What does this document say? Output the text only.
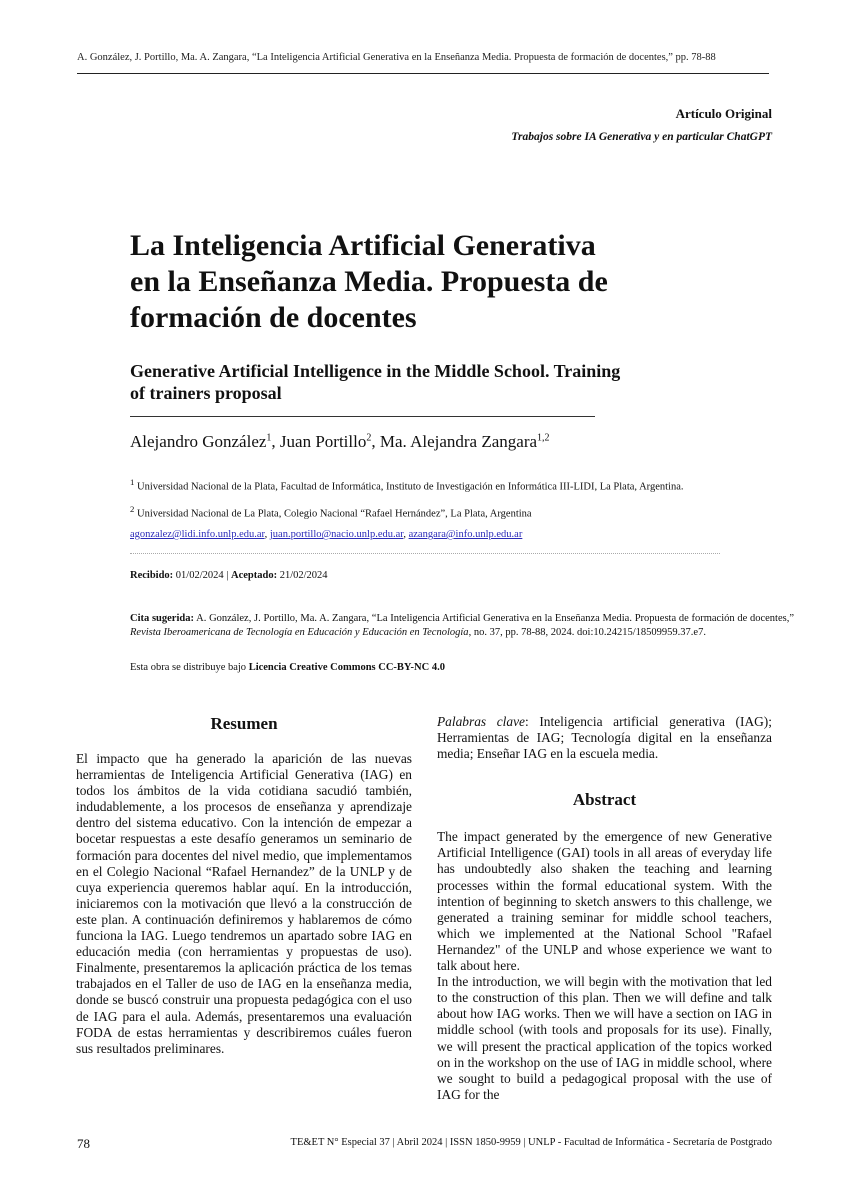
A. González, J. Portillo, Ma. A. Zangara, “La Inteligencia Artificial Generativa en la Enseñanza Media. Propuesta de formación de docentes,” pp. 78-88
Artículo Original
Trabajos sobre IA Generativa y en particular ChatGPT
La Inteligencia Artificial Generativa
en la Enseñanza Media. Propuesta de
formación de docentes
Generative Artificial Intelligence in the Middle School. Training
of trainers proposal
Alejandro González$^1$, Juan Portillo$^2$, Ma. Alejandra Zangara$^{1,2}$
$^1$ Universidad Nacional de la Plata, Facultad de Informática, Instituto de Investigación en Informática III-LIDI, La Plata, Argentina.
$^2$ Universidad Nacional de La Plata, Colegio Nacional “Rafael Hernández”, La Plata, Argentina
agonzalez@lidi.info.unlp.edu.ar, juan.portillo@nacio.unlp.edu.ar, azangara@info.unlp.edu.ar
Recibido: 01/02/2024 | Aceptado: 21/02/2024
Cita sugerida: A. González, J. Portillo, Ma. A. Zangara, “La Inteligencia Artificial Generativa en la Enseñanza Media. Propuesta de formación de docentes,” Revista Iberoamericana de Tecnología en Educación y Educación en Tecnología, no. 37, pp. 78-88, 2024. doi:10.24215/18509959.37.e7.
Esta obra se distribuye bajo Licencia Creative Commons CC-BY-NC 4.0
Resumen

El impacto que ha generado la aparición de las nuevas herramientas de Inteligencia Artificial Generativa (IAG) en todos los ámbitos de la vida cotidiana sacudió también, indudablemente, a los procesos de enseñanza y aprendizaje dentro del sistema educativo. Con la intención de empezar a bocetar respuestas a este desafío generamos un seminario de formación para docentes del nivel medio, que implementamos en el Colegio Nacional “Rafael Hernandez” de la UNLP y de cuya experiencia queremos hablar aquí. En la introducción, iniciaremos con la motivación que llevó a la construcción de este plan. A continuación definiremos y hablaremos de cómo funciona la IAG. Luego tendremos un apartado sobre IAG en educación media (con herramientas y propuestas de uso). Finalmente, presentaremos la aplicación práctica de los temas trabajados en el Taller de uso de IAG en la enseñanza media, donde se buscó construir una propuesta pedagógica con el uso de IAG para el aula. Además, presentaremos una evaluación FODA de estas herramientas y describiremos cuáles fueron sus resultados preliminares.

Palabras clave: Inteligencia artificial generativa (IAG); Herramientas de IAG; Tecnología digital en la enseñanza media; Enseñar IAG en la escuela media.

Abstract

The impact generated by the emergence of new Generative Artificial Intelligence (GAI) tools in all areas of everyday life has undoubtedly also shaken the teaching and learning processes within the formal educational system. With the intention of beginning to sketch answers to this challenge, we generated a training seminar for middle school teachers, which we implemented at the National School "Rafael Hernandez" of the UNLP and whose experience we want to talk about here.

In the introduction, we will begin with the motivation that led to the construction of this plan. Then we will define and talk about how IAG works. Then we will have a section on IAG in middle school (with tools and proposals for its use). Finally, we will present the practical application of the topics worked on in the workshop on the use of IAG in middle school, where we sought to build a pedagogical proposal with the use of IAG for the

78	TE&ET N° Especial 37 | Abril 2024 | ISSN 1850-9959 | UNLP - Facultad de Informática - Secretaría de Postgrado
